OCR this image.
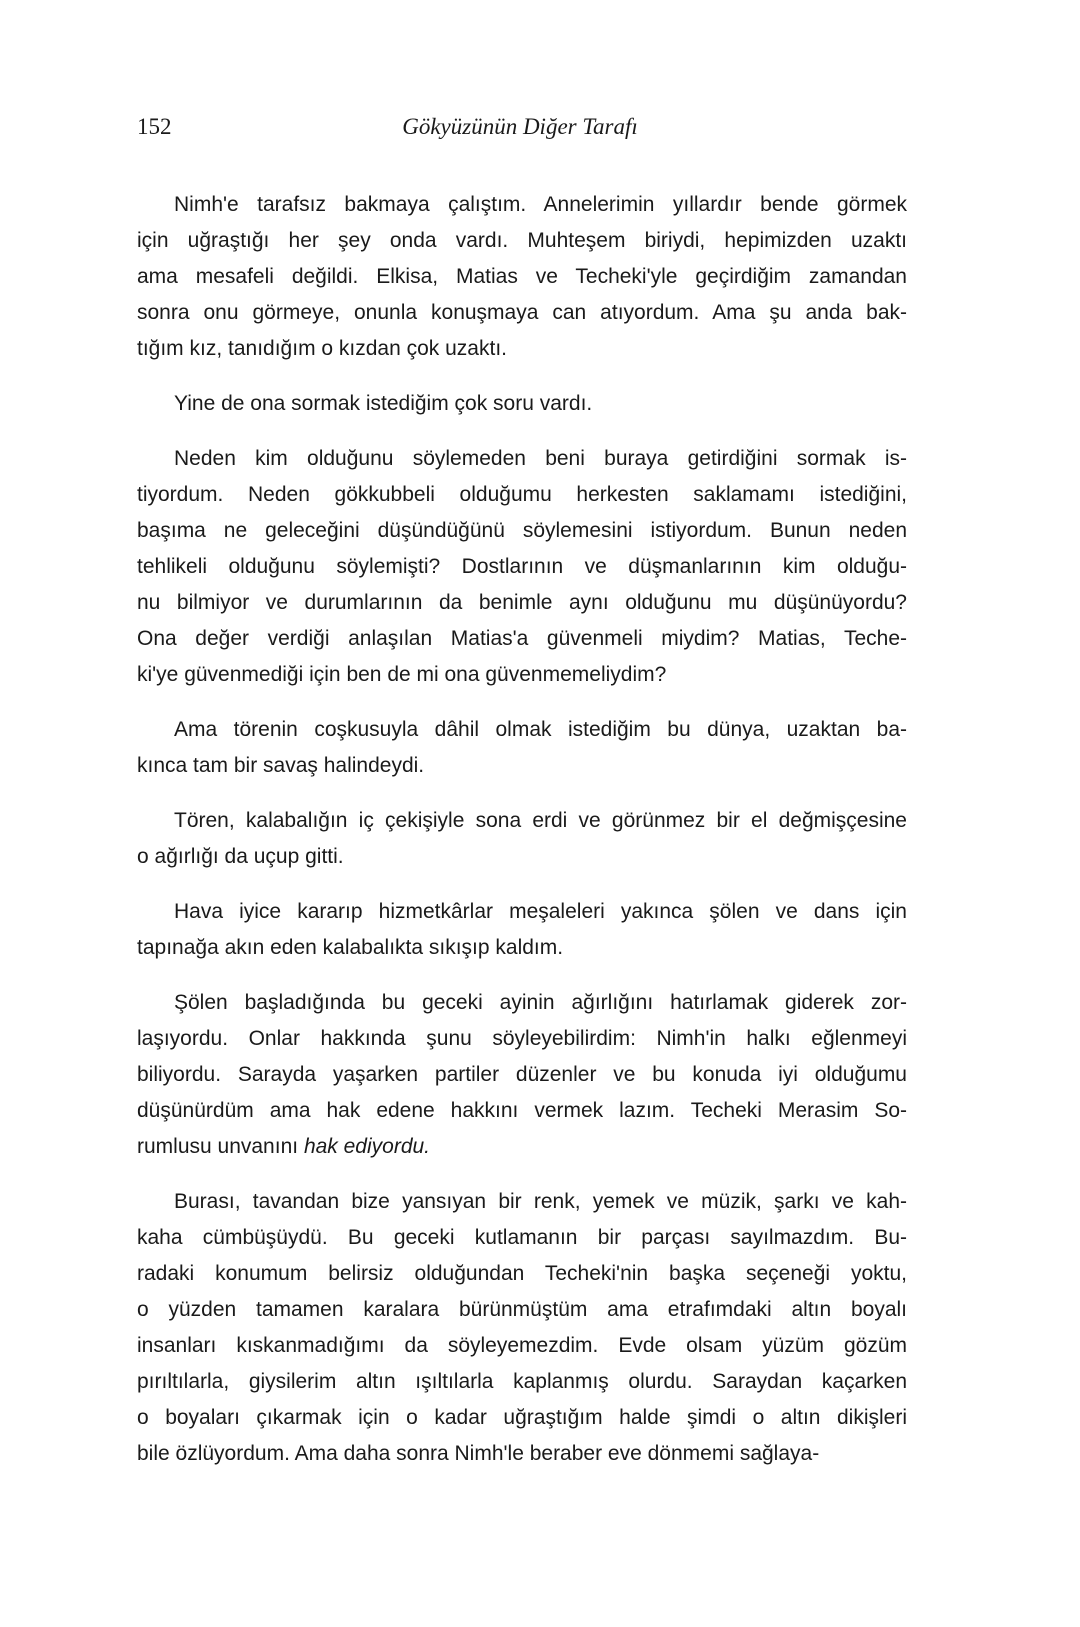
152	Gökyüzünün Diğer Tarafı
Nimh'e tarafsız bakmaya çalıştım. Annelerimin yıllardır bende görmek
için uğraştığı her şey onda vardı. Muhteşem biriydi, hepimizden uzaktı
ama mesafeli değildi. Elkisa, Matias ve Techeki'yle geçirdiğim zamandan
sonra onu görmeye, onunla konuşmaya can atıyordum. Ama şu anda bak-
tığım kız, tanıdığım o kızdan çok uzaktı.
Yine de ona sormak istediğim çok soru vardı.
Neden kim olduğunu söylemeden beni buraya getirdiğini sormak is-
tiyordum. Neden gökkubbeli olduğumu herkesten saklamamı istediğini,
başıma ne geleceğini düşündüğünü söylemesini istiyordum. Bunun neden
tehlikeli olduğunu söylemişti? Dostlarının ve düşmanlarının kim olduğu-
nu bilmiyor ve durumlarının da benimle aynı olduğunu mu düşünüyordu?
Ona değer verdiği anlaşılan Matias'a güvenmeli miydim? Matias, Teche-
ki'ye güvenmediği için ben de mi ona güvenmemeliydim?
Ama törenin coşkusuyla dâhil olmak istediğim bu dünya, uzaktan ba-
kınca tam bir savaş halindeydi.
Tören, kalabalığın iç çekişiyle sona erdi ve görünmez bir el değmişçesine
o ağırlığı da uçup gitti.
Hava iyice kararıp hizmetkârlar meşaleleri yakınca şölen ve dans için
tapınağa akın eden kalabalıkta sıkışıp kaldım.
Şölen başladığında bu geceki ayinin ağırlığını hatırlamak giderek zor-
laşıyordu. Onlar hakkında şunu söyleyebilirdim: Nimh'in halkı eğlenmeyi
biliyordu. Sarayda yaşarken partiler düzenler ve bu konuda iyi olduğumu
düşünürdüm ama hak edene hakkını vermek lazım. Techeki Merasim So-
rumlusu unvanını hak ediyordu.
Burası, tavandan bize yansıyan bir renk, yemek ve müzik, şarkı ve kah-
kaha cümbüşüydü. Bu geceki kutlamanın bir parçası sayılmazdım. Bu-
radaki konumum belirsiz olduğundan Techeki'nin başka seçeneği yoktu,
o yüzden tamamen karalara bürünmüştüm ama etrafımdaki altın boyalı
insanları kıskanmadığımı da söyleyemezdim. Evde olsam yüzüm gözüm
pırıltılarla, giysilerim altın ışıltılarla kaplanmış olurdu. Saraydan kaçarken
o boyaları çıkarmak için o kadar uğraştığım halde şimdi o altın dikişleri
bile özlüyordum. Ama daha sonra Nimh'le beraber eve dönmemi sağlaya-
